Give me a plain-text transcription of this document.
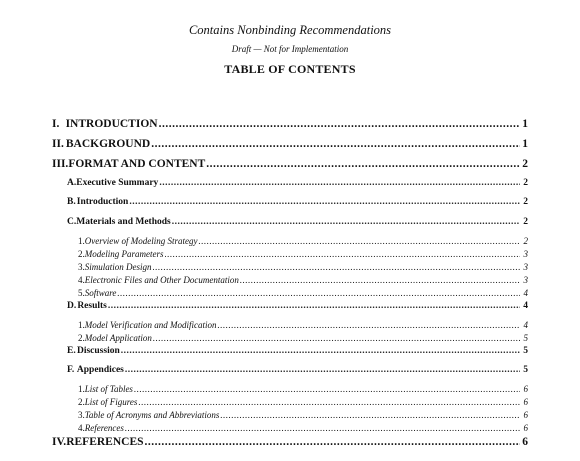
Contains Nonbinding Recommendations
Draft — Not for Implementation
TABLE OF CONTENTS
I. INTRODUCTION .....	1
II. BACKGROUND .....	1
III. FORMAT AND CONTENT .....	2
A. Executive Summary .....	2
B. Introduction .....	2
C. Materials and Methods .....	2
1. Overview of Modeling Strategy .....	2
2. Modeling Parameters .....	3
3. Simulation Design .....	3
4. Electronic Files and Other Documentation .....	3
5. Software .....	4
D. Results .....	4
1. Model Verification and Modification .....	4
2. Model Application .....	5
E. Discussion .....	5
F. Appendices .....	5
1. List of Tables .....	6
2. List of Figures .....	6
3. Table of Acronyms and Abbreviations .....	6
4. References .....	6
IV. REFERENCES .....	6
